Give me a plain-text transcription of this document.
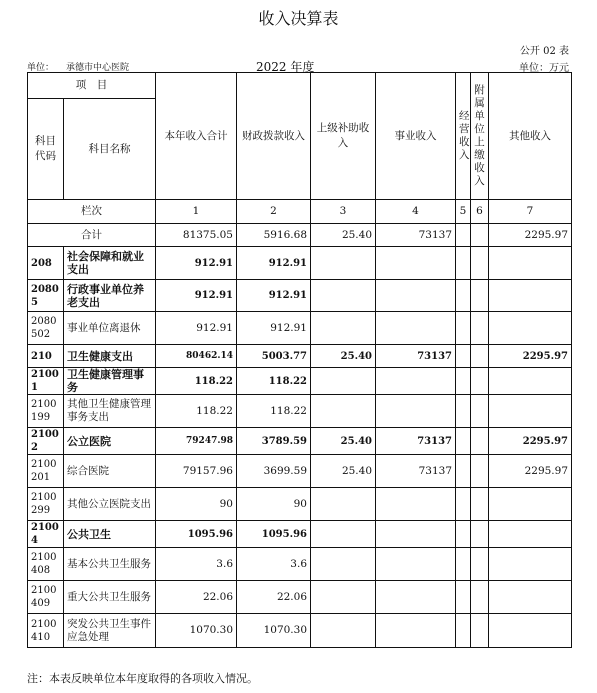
收入决算表
公开 02 表
单位： 承德市中心医院	2022 年度	单位：万元
项　目		本年收入合计	财政拨款收入	上级补助收入	事业收入	经营收入	附属单位上缴收入	其他收入
科目代码	科目名称							
栏次		1	2	3	4	5	6	7
合计		81375.05	5916.68	25.40	73137			2295.97
208	社会保障和就业支出	912.91	912.91					
20805	行政事业单位养老支出	912.91	912.91					
2080502	事业单位离退休	912.91	912.91					
210	卫生健康支出	80462.14	5003.77	25.40	73137			2295.97
21001	卫生健康管理事务	118.22	118.22					
2100199	其他卫生健康管理事务支出	118.22	118.22					
21002	公立医院	79247.98	3789.59	25.40	73137			2295.97
2100201	综合医院	79157.96	3699.59	25.40	73137			2295.97
2100299	其他公立医院支出	90	90					
21004	公共卫生	1095.96	1095.96					
2100408	基本公共卫生服务	3.6	3.6					
2100409	重大公共卫生服务	22.06	22.06					
2100410	突发公共卫生事件应急处理	1070.30	1070.30					
注：本表反映单位本年度取得的各项收入情况。
